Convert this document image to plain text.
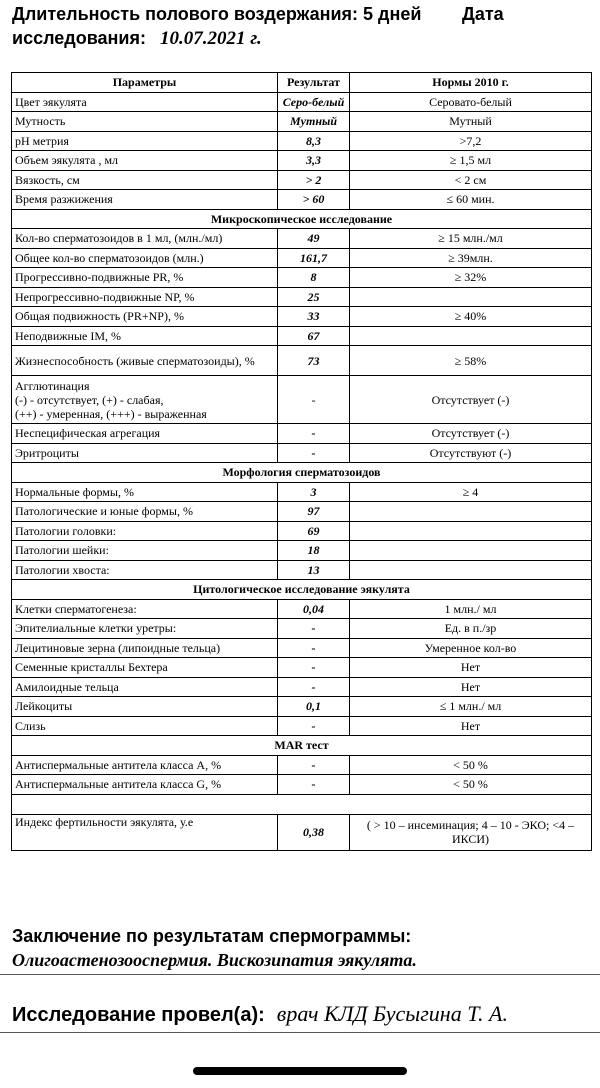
Длительность полового воздержания: 5 дней	Дата
исследования: 10.07.2021 г.
Параметры	Результат	Нормы 2010 г.
Цвет эякулята	Серо-белый	Серовато-белый
Мутность	Мутный	Мутный
pH метрия	8,3	>7,2
Объем эякулята , мл	3,3	≥ 1,5 мл
Вязкость, см	> 2	< 2 см
Время разжижения	> 60	≤ 60 мин.
Микроскопическое исследование		
Кол-во сперматозоидов в 1 мл, (млн./мл)	49	≥ 15 млн./мл
Общее кол-во сперматозоидов (млн.)	161,7	≥ 39млн.
Прогрессивно-подвижные PR, %	8	≥ 32%
Непрогрессивно-подвижные NP, %	25	
Общая подвижность (PR+NP), %	33	≥ 40%
Неподвижные IM, %	67	
Жизнеспособность (живые сперматозоиды), %	73	≥ 58%

Агглютинация
(-) - отсутствует, (+) - слабая,
(++) - умеренная, (+++) - выраженная	-	Отсутствует (-)
Неспецифическая агрегация	-	Отсутствует (-)
Эритроциты	-	Отсутствуют (-)
Морфология сперматозоидов		
Нормальные формы, %	3	≥ 4
Патологические и юные формы, %	97	
Патологии головки:	69	
Патологии шейки:	18	
Патологии хвоста:	13	
Цитологическое исследование эякулята		
Клетки сперматогенеза:	0,04	1 млн./ мл
Эпителиальные клетки уретры:	-	Ед. в п./зр
Лецитиновые зерна (липоидные тельца)	-	Умеренное кол-во
Семенные кристаллы Бехтера	-	Нет
Амилоидные тельца	-	Нет
Лейкоциты	0,1	≤ 1 млн./ мл
Слизь	-	Нет
MAR тест		
Антиспермальные антитела класса А, %	-	< 50 %
Антиспермальные антитела класса G, %	-	< 50 %

Индекс фертильности эякулята, у.е	0,38	( > 10 – инсеминация; 4 – 10 - ЭКО; <4 – ИКСИ)
Заключение по результатам спермограммы:
Олигоастенозооспермия. Вискозипатия эякулята.
Исследование провел(а): врач КЛД Бусыгина Т. А.
